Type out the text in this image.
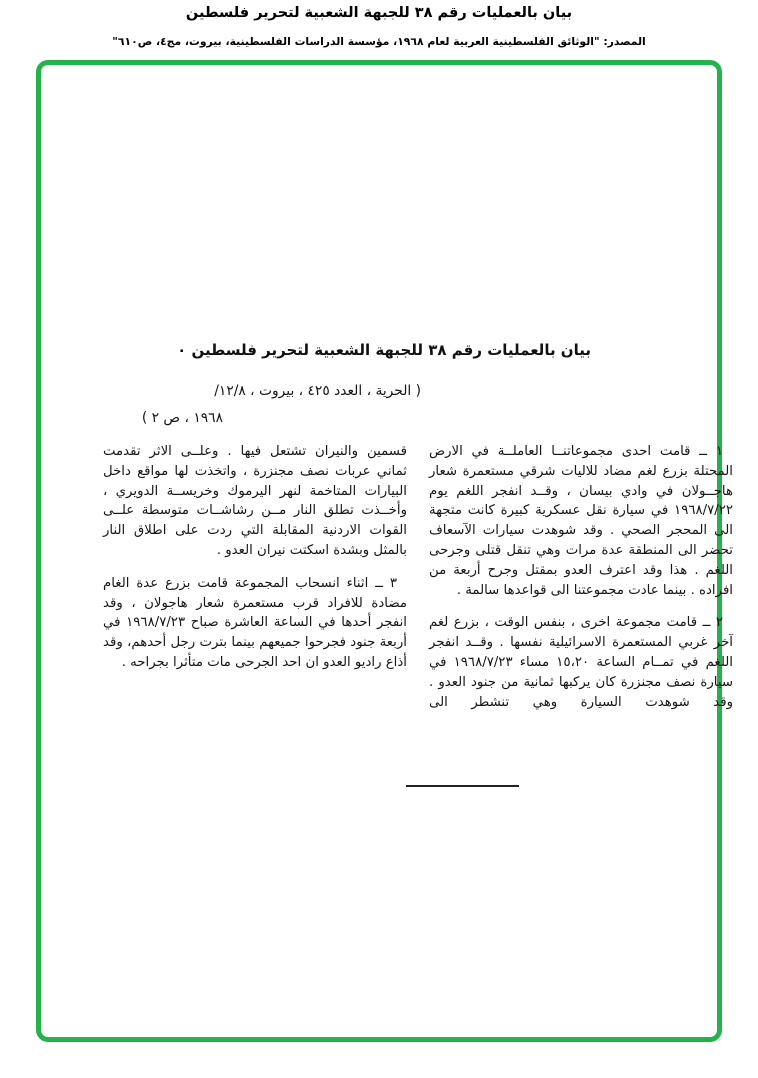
بيان بالعمليات رقم ٣٨ للجبهة الشعبية لتحرير فلسطين
المصدر: "الوثائق الفلسطينية العربية لعام ١٩٦٨، مؤسسة الدراسات الفلسطينية، بيروت، مج٤، ص٦١٠"
بيان بالعمليات رقم ٣٨ للجبهة الشعبية لتحرير فلسطين ٠
( الحرية ، العدد ٤٢٥ ، بيروت ، ١٢/٨/
١٩٦٨ ، ص ٢ )

١ ــ قامت احدى مجموعاتنــا العاملــة في الارض المحتلة بزرع لغم مضاد للاليات شرقي مستعمرة شعار هاجــولان في وادي بيسان ، وقــد انفجر اللغم يوم ١٩٦٨/٧/٢٢ في سيارة نقل عسكرية كبيرة كانت متجهة الى المحجر الصحي . وقد شوهدت سيارات الآسعاف تحضر الى المنطقة عدة مرات وهي تنقل قتلى وجرحى اللغم . هذا وقد اعترف العدو بمقتل وجرح أربعة من افراده . بينما عادت مجموعتنا الى قواعدها سالمة .

٢ ــ قامت مجموعة اخرى ، بنفس الوقت ، بزرع لغم آخر غربي المستعمرة الاسرائيلية نفسها . وقــد انفجر اللغم في تمــام الساعة ١٥،٢٠ مساء ١٩٦٨/٧/٢٣ في سيارة نصف مجنزرة كان يركبها ثمانية من جنود العدو . وقد شوهدت السيارة وهي تنشطر الى

قسمين والنيران تشتعل فيها . وعلــى الاثر تقدمت ثماني عربات نصف مجنزرة ، واتخذت لها مواقع داخل البيارات المتاخمة لنهر اليرموك وخريســة الدويري ، وأخــذت تطلق النار مــن رشاشــات متوسطة علــى القوات الاردنية المقابلة التي ردت على اطلاق النار بالمثل وبشدة اسكتت نيران العدو .

٣ ــ اثناء انسحاب المجموعة قامت بزرع عدة الغام مضادة للافراد قرب مستعمرة شعار هاجولان ، وقد انفجر أحدها في الساعة العاشرة صباح ١٩٦٨/٧/٢٣ في أربعة جنود فجرحوا جميعهم بينما بترت رجل أحدهم، وقد أذاع راديو العدو ان احد الجرحى مات متأثرا بجراحه .
